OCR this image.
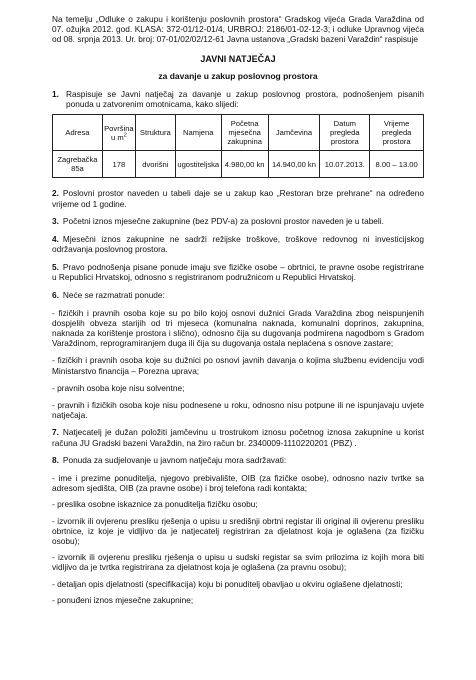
Na temelju „Odluke o zakupu i korištenju poslovnih prostora“ Gradskog vijeća Grada Varaždina od 07. ožujka 2012. god. KLASA: 372-01/12-01/4, URBROJ: 2186/01-02-12-3; i odluke Upravnog vijeća od 08. srpnja 2013. Ur. broj: 07-01/02/02/12-61 Javna ustanova „Gradski bazeni Varaždin“ raspisuje

JAVNI NATJEČAJ

za davanje u zakup poslovnog prostora

1. Raspisuje se Javni natječaj za davanje u zakup poslovnog prostora, podnošenjem pisanih ponuda u zatvorenim omotnicama, kako slijedi:
Adresa	Površina u $m^2$	Struktura	Namjena	Početna mjesečna zakupnina	Jamčevina	Datum pregleda prostora	Vrijeme pregleda prostora
Zagrebačka 85a	178	dvorišni	ugostiteljska	4.980,00 kn	14.940,00 kn	10.07.2013.	8.00 – 13.00

2. Poslovni prostor naveden u tabeli daje se u zakup kao „Restoran brze prehrane“ na određeno vrijeme od 1 godine.

3. Početni iznos mjesečne zakupnine (bez PDV-a) za poslovni prostor naveden je u tabeli.

4. Mjesečni iznos zakupnine ne sadrži režijske troškove, troškove redovnog ni investicijskog održavanja poslovnog prostora.

5. Pravo podnošenja pisane ponude imaju sve fizičke osobe – obrtnici, te pravne osobe registrirane u Republici Hrvatskoj, odnosno s registriranom podružnicom u Republici Hrvatskoj.

6. Neće se razmatrati ponude:

- fizičkih i pravnih osoba koje su po bilo kojoj osnovi dužnici Grada Varaždina zbog neispunjenih dospjelih obveza starijih od tri mjeseca (komunalna naknada, komunalni doprinos, zakupnina, naknada za korištenje prostora i slično), odnosno čija su dugovanja podmirena nagodbom s Gradom Varaždinom, reprogramiranjem duga ili čija su dugovanja ostala neplaćena s osnove zastare;

- fizičkih i pravnih osoba koje su dužnici po osnovi javnih davanja o kojima službenu evidenciju vodi Ministarstvo financija – Porezna uprava;

- pravnih osoba koje nisu solventne;

- pravnih i fizičkih osoba koje nisu podnesene u roku, odnosno nisu potpune ili ne ispunjavaju uvjete natječaja.

7. Natjecatelj je dužan položiti jamčevinu u trostrukom iznosu početnog iznosa zakupnine u korist računa JU Gradski bazeni Varaždin, na žiro račun br. 2340009-1110220201 (PBZ) .

8. Ponuda za sudjelovanje u javnom natječaju mora sadržavati:

- ime i prezime ponuditelja, njegovo prebivalište, OIB (za fizičke osobe), odnosno naziv tvrtke sa adresom sjedišta, OIB (za pravne osobe) i broj telefona radi kontakta;

- preslika osobne iskaznice za ponuditelja fizičku osobu;

- izvornik ili ovjerenu presliku rješenja o upisu u središnji obrtni registar ili original ili ovjerenu presliku obrtnice, iz koje je vidljivo da je natjecatelj registriran za djelatnost koja je oglašena (za fizičku osobu);

- izvornik ili ovjerenu presliku rješenja o upisu u sudski registar sa svim prilozima iz kojih mora biti vidljivo da je tvrtka registrirana za djelatnost koja je oglašena (za pravnu osobu);

- detaljan opis djelatnosti (specifikacija) koju bi ponuditelj obavljao u okviru oglašene djelatnosti;

- ponuđeni iznos mjesečne zakupnine;
